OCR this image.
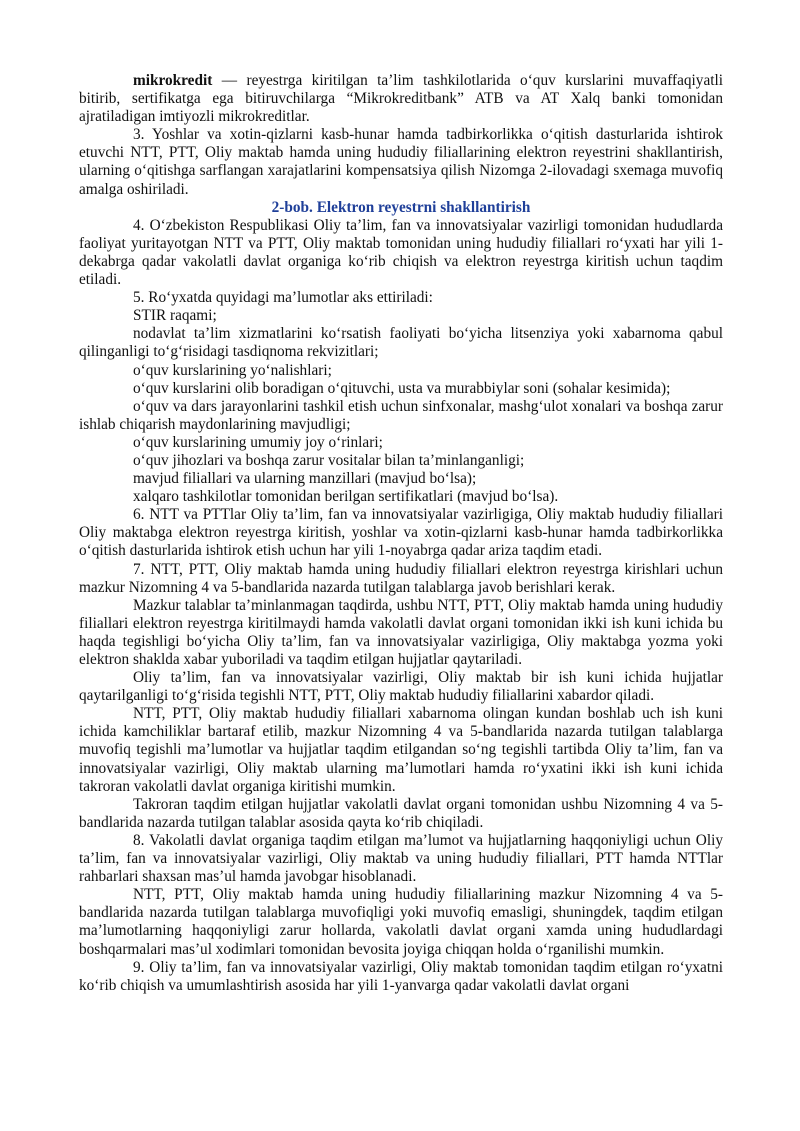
mikrokredit — reyestrga kiritilgan ta’lim tashkilotlarida o‘quv kurslarini muvaffaqiyatli bitirib, sertifikatga ega bitiruvchilarga “Mikrokreditbank” ATB va AT Xalq banki tomonidan ajratiladigan imtiyozli mikrokreditlar.

3. Yoshlar va xotin-qizlarni kasb-hunar hamda tadbirkorlikka o‘qitish dasturlarida ishtirok etuvchi NTT, PTT, Oliy maktab hamda uning hududiy filiallarining elektron reyestrini shakllantirish, ularning o‘qitishga sarflangan xarajatlarini kompensatsiya qilish Nizomga 2-ilovadagi sxemaga muvofiq amalga oshiriladi.

2-bob. Elektron reyestrni shakllantirish

4. O‘zbekiston Respublikasi Oliy ta’lim, fan va innovatsiyalar vazirligi tomonidan hududlarda faoliyat yuritayotgan NTT va PTT, Oliy maktab tomonidan uning hududiy filiallari ro‘yxati har yili 1-dekabrga qadar vakolatli davlat organiga ko‘rib chiqish va elektron reyestrga kiritish uchun taqdim etiladi.

5. Ro‘yxatda quyidagi ma’lumotlar aks ettiriladi:

STIR raqami;

nodavlat ta’lim xizmatlarini ko‘rsatish faoliyati bo‘yicha litsenziya yoki xabarnoma qabul qilinganligi to‘g‘risidagi tasdiqnoma rekvizitlari;

o‘quv kurslarining yo‘nalishlari;

o‘quv kurslarini olib boradigan o‘qituvchi, usta va murabbiylar soni (sohalar kesimida);

o‘quv va dars jarayonlarini tashkil etish uchun sinfxonalar, mashg‘ulot xonalari va boshqa zarur ishlab chiqarish maydonlarining mavjudligi;

o‘quv kurslarining umumiy joy o‘rinlari;

o‘quv jihozlari va boshqa zarur vositalar bilan ta’minlanganligi;

mavjud filiallari va ularning manzillari (mavjud bo‘lsa);

xalqaro tashkilotlar tomonidan berilgan sertifikatlari (mavjud bo‘lsa).

6. NTT va PTTlar Oliy ta’lim, fan va innovatsiyalar vazirligiga, Oliy maktab hududiy filiallari Oliy maktabga elektron reyestrga kiritish, yoshlar va xotin-qizlarni kasb-hunar hamda tadbirkorlikka o‘qitish dasturlarida ishtirok etish uchun har yili 1-noyabrga qadar ariza taqdim etadi.

7. NTT, PTT, Oliy maktab hamda uning hududiy filiallari elektron reyestrga kirishlari uchun mazkur Nizomning 4 va 5-bandlarida nazarda tutilgan talablarga javob berishlari kerak.

Mazkur talablar ta’minlanmagan taqdirda, ushbu NTT, PTT, Oliy maktab hamda uning hududiy filiallari elektron reyestrga kiritilmaydi hamda vakolatli davlat organi tomonidan ikki ish kuni ichida bu haqda tegishligi bo‘yicha Oliy ta’lim, fan va innovatsiyalar vazirligiga, Oliy maktabga yozma yoki elektron shaklda xabar yuboriladi va taqdim etilgan hujjatlar qaytariladi.

Oliy ta’lim, fan va innovatsiyalar vazirligi, Oliy maktab bir ish kuni ichida hujjatlar qaytarilganligi to‘g‘risida tegishli NTT, PTT, Oliy maktab hududiy filiallarini xabardor qiladi.

NTT, PTT, Oliy maktab hududiy filiallari xabarnoma olingan kundan boshlab uch ish kuni ichida kamchiliklar bartaraf etilib, mazkur Nizomning 4 va 5-bandlarida nazarda tutilgan talablarga muvofiq tegishli ma’lumotlar va hujjatlar taqdim etilgandan so‘ng tegishli tartibda Oliy ta’lim, fan va innovatsiyalar vazirligi, Oliy maktab ularning ma’lumotlari hamda ro‘yxatini ikki ish kuni ichida takroran vakolatli davlat organiga kiritishi mumkin.

Takroran taqdim etilgan hujjatlar vakolatli davlat organi tomonidan ushbu Nizomning 4 va 5-bandlarida nazarda tutilgan talablar asosida qayta ko‘rib chiqiladi.

8. Vakolatli davlat organiga taqdim etilgan ma’lumot va hujjatlarning haqqoniyligi uchun Oliy ta’lim, fan va innovatsiyalar vazirligi, Oliy maktab va uning hududiy filiallari, PTT hamda NTTlar rahbarlari shaxsan mas’ul hamda javobgar hisoblanadi.

NTT, PTT, Oliy maktab hamda uning hududiy filiallarining mazkur Nizomning 4 va 5-bandlarida nazarda tutilgan talablarga muvofiqligi yoki muvofiq emasligi, shuningdek, taqdim etilgan ma’lumotlarning haqqoniyligi zarur hollarda, vakolatli davlat organi xamda uning hududlardagi boshqarmalari mas’ul xodimlari tomonidan bevosita joyiga chiqqan holda o‘rganilishi mumkin.

9. Oliy ta’lim, fan va innovatsiyalar vazirligi, Oliy maktab tomonidan taqdim etilgan ro‘yxatni ko‘rib chiqish va umumlashtirish asosida har yili 1-yanvarga qadar vakolatli davlat organi
